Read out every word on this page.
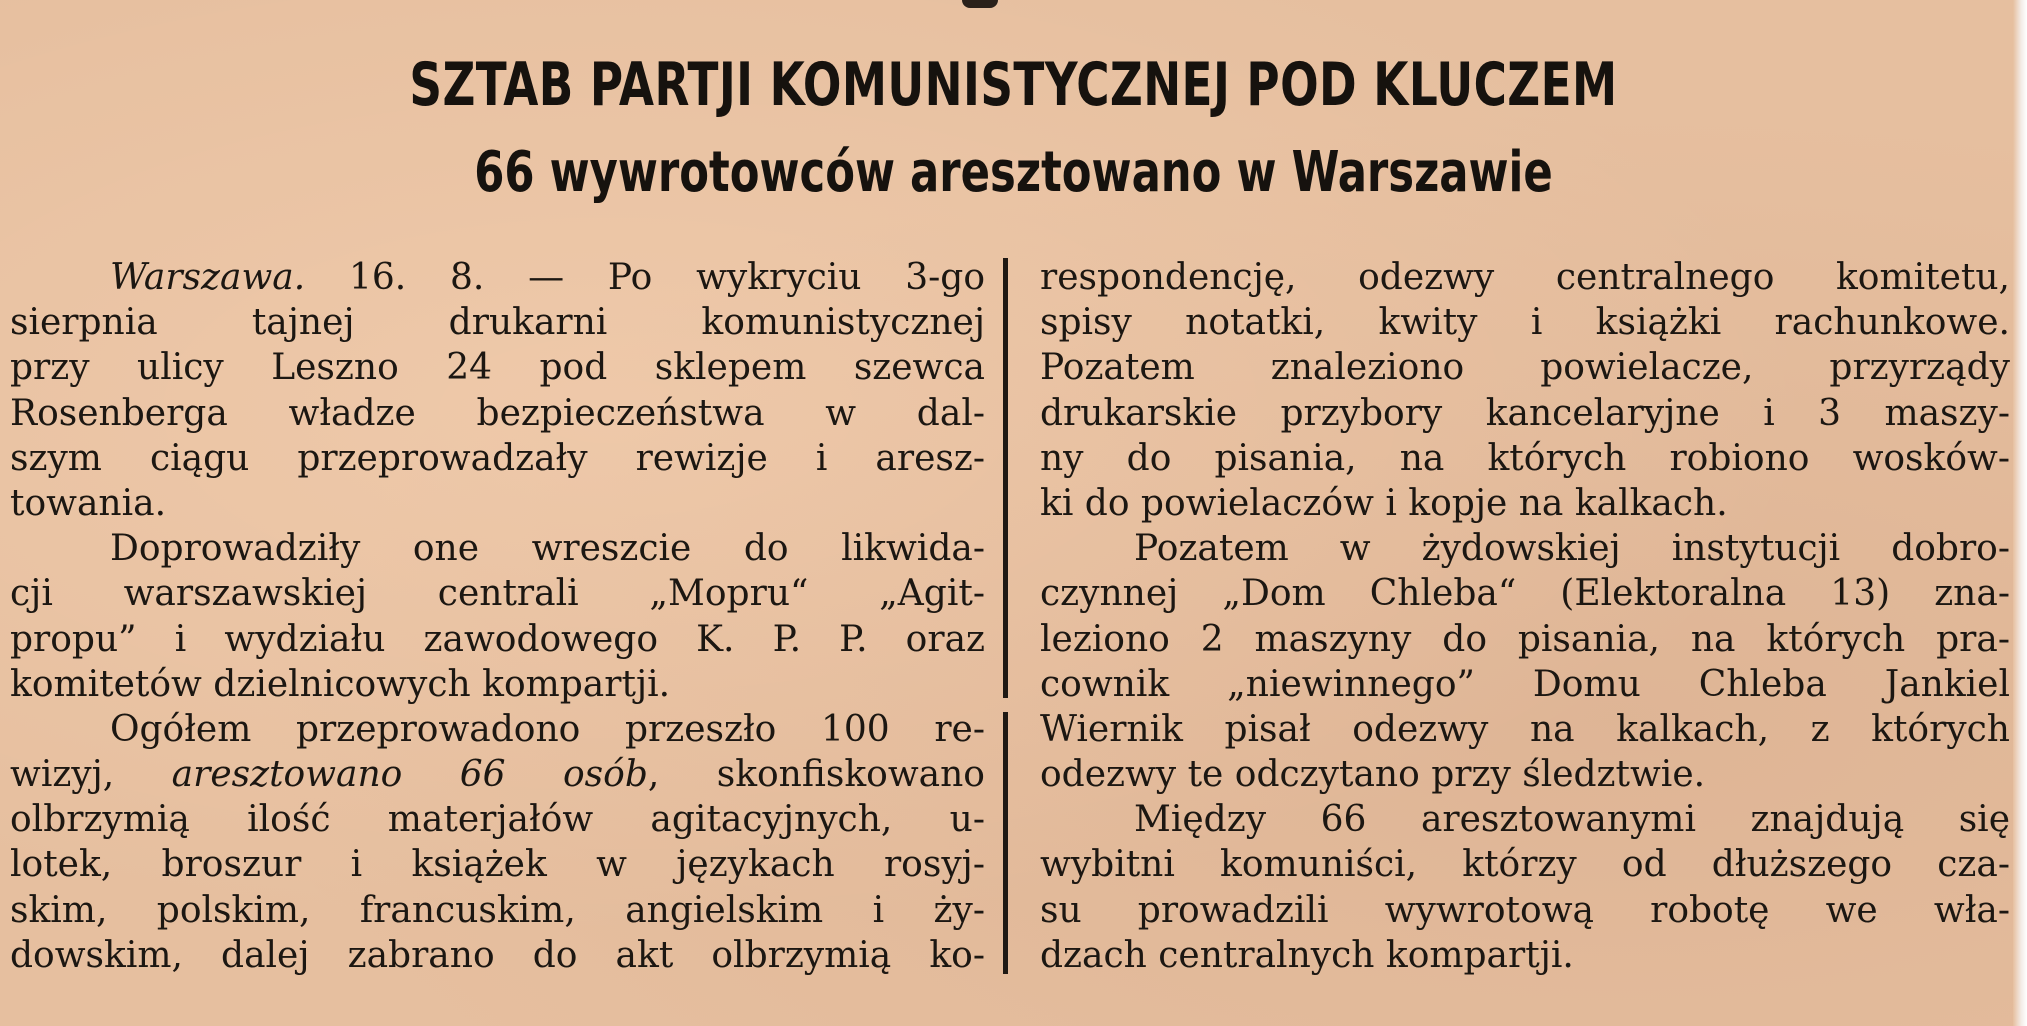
SZTAB PARTJI KOMUNISTYCZNEJ POD KLUCZEM
66 wywrotowców aresztowano w Warszawie
Warszawa. 16. 8. — Po wykryciu 3-go
sierpnia tajnej drukarni komunistycznej
przy ulicy Leszno 24 pod sklepem szewca
Rosenberga władze bezpieczeństwa w dal-
szym ciągu przeprowadzały rewizje i aresz-
towania.
Doprowadziły one wreszcie do likwida-
cji warszawskiej centrali „Mopru“ „Agit-
propu” i wydziału zawodowego K. P. P. oraz
komitetów dzielnicowych kompartji.
Ogółem przeprowadono przeszło 100 re-
wizyj, aresztowano 66 osób, skonfiskowano
olbrzymią ilość materjałów agitacyjnych, u-
lotek, broszur i książek w językach rosyj-
skim, polskim, francuskim, angielskim i ży-
dowskim, dalej zabrano do akt olbrzymią ko-
respondencję, odezwy centralnego komitetu,
spisy notatki, kwity i książki rachunkowe.
Pozatem znaleziono powielacze, przyrządy
drukarskie przybory kancelaryjne i 3 maszy-
ny do pisania, na których robiono wosków-
ki do powielaczów i kopje na kalkach.
Pozatem w żydowskiej instytucji dobro-
czynnej „Dom Chleba“ (Elektoralna 13) zna-
leziono 2 maszyny do pisania, na których pra-
cownik „niewinnego” Domu Chleba Jankiel
Wiernik pisał odezwy na kalkach, z których
odezwy te odczytano przy śledztwie.
Między 66 aresztowanymi znajdują się
wybitni komuniści, którzy od dłuższego cza-
su prowadzili wywrotową robotę we wła-
dzach centralnych kompartji.
